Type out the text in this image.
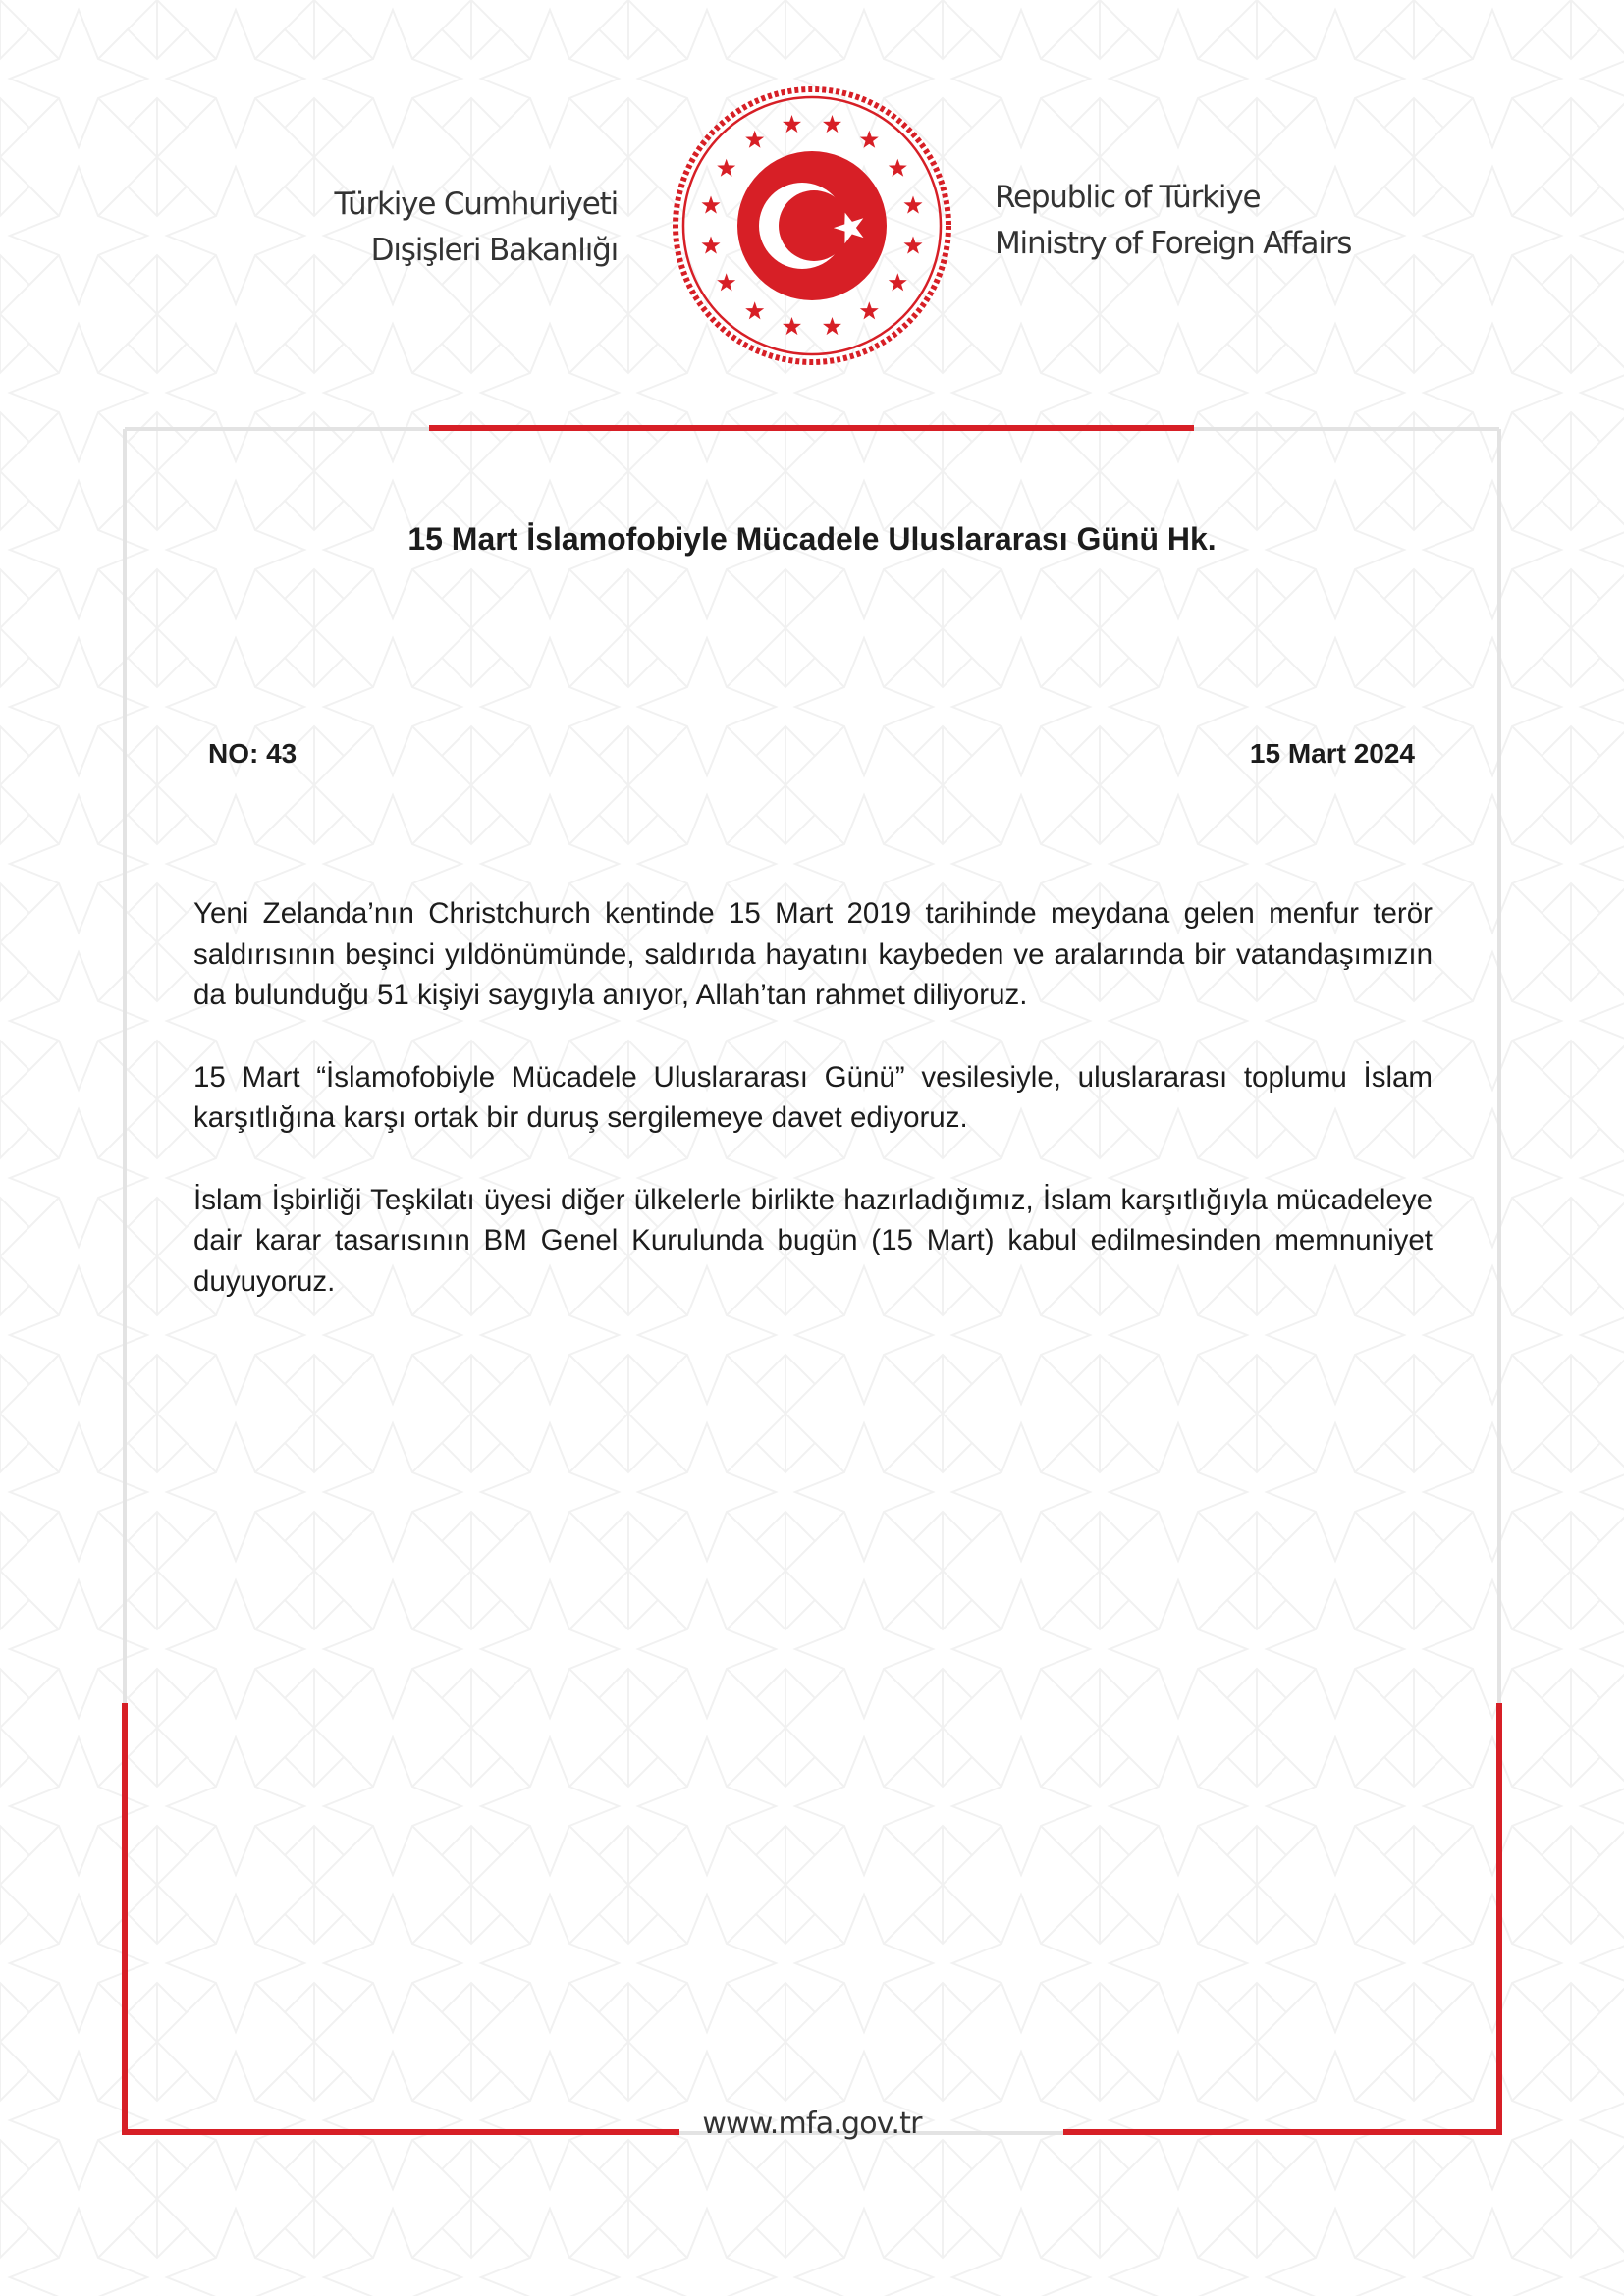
Türkiye Cumhuriyeti
Dışişleri Bakanlığı
Republic of Türkiye
Ministry of Foreign Affairs
15 Mart İslamofobiyle Mücadele Uluslararası Günü Hk.
NO: 43	15 Mart 2024

Yeni Zelanda’nın Christchurch kentinde 15 Mart 2019 tarihinde meydana gelen menfur terör saldırısının beşinci yıldönümünde, saldırıda hayatını kaybeden ve aralarında bir vatandaşımızın da bulunduğu 51 kişiyi saygıyla anıyor, Allah’tan rahmet diliyoruz.

15 Mart “İslamofobiyle Mücadele Uluslararası Günü” vesilesiyle, uluslararası toplumu İslam karşıtlığına karşı ortak bir duruş sergilemeye davet ediyoruz.

İslam İşbirliği Teşkilatı üyesi diğer ülkelerle birlikte hazırladığımız, İslam karşıtlığıyla mücadeleye dair karar tasarısının BM Genel Kurulunda bugün (15 Mart) kabul edilmesinden memnuniyet duyuyoruz.

www.mfa.gov.tr
